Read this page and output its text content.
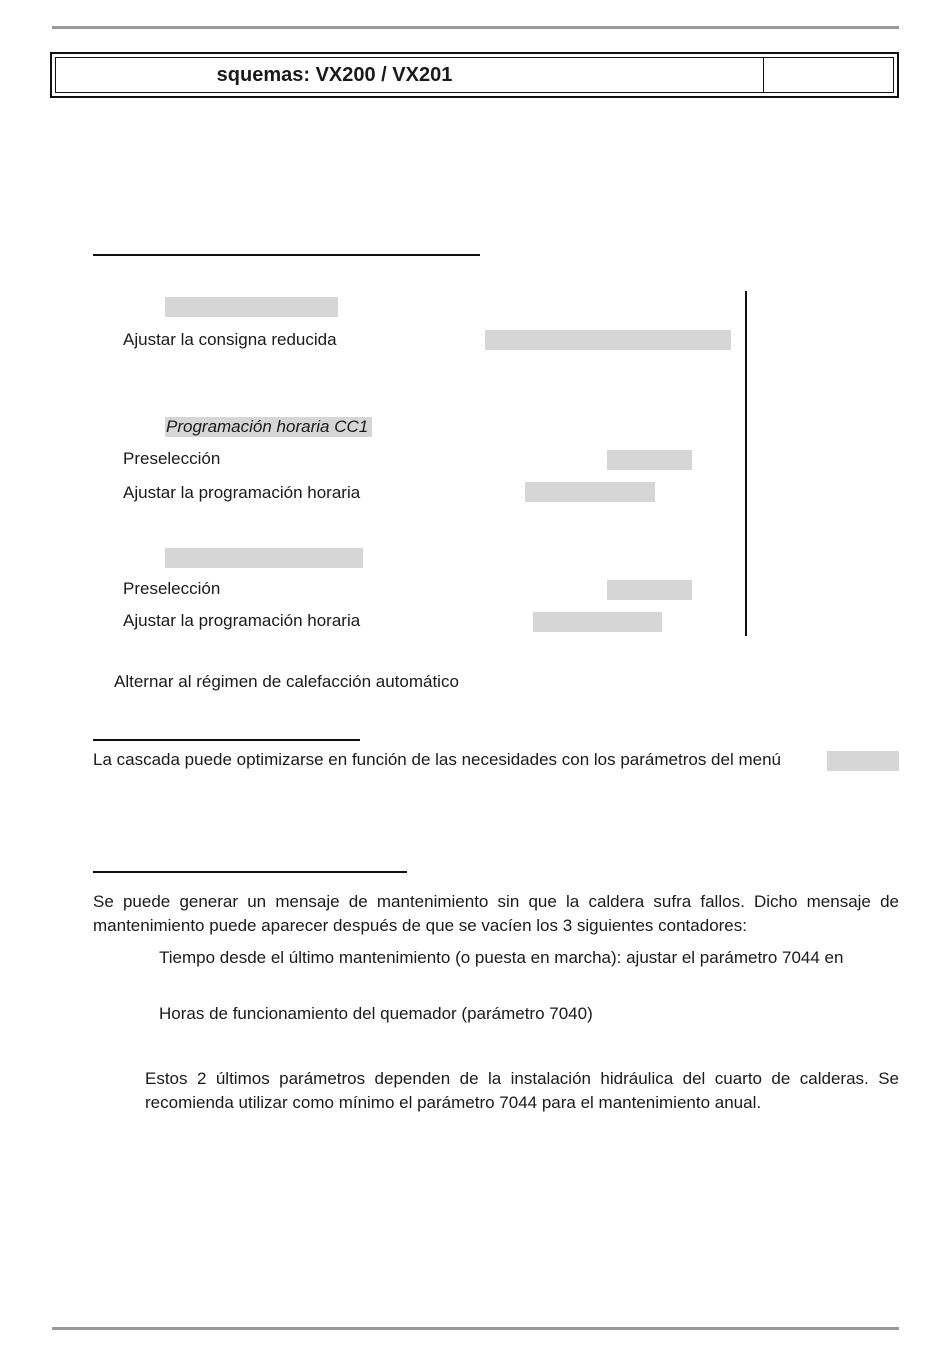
squemas: VX200 / VX201
Ajustar la consigna reducida
Programación horaria CC1
Preselección
Ajustar la programación horaria
Preselección
Ajustar la programación horaria
Alternar al régimen de calefacción automático
La cascada puede optimizarse en función de las necesidades con los parámetros del menú
Se puede generar un mensaje de mantenimiento sin que la caldera sufra fallos. Dicho mensaje de
mantenimiento puede aparecer después de que se vacíen los 3 siguientes contadores:
Tiempo desde el último mantenimiento (o puesta en marcha): ajustar el parámetro 7044 en
Horas de funcionamiento del quemador (parámetro 7040)
Estos 2 últimos parámetros dependen de la instalación hidráulica del cuarto de calderas. Se
recomienda utilizar como mínimo el parámetro 7044 para el mantenimiento anual.
